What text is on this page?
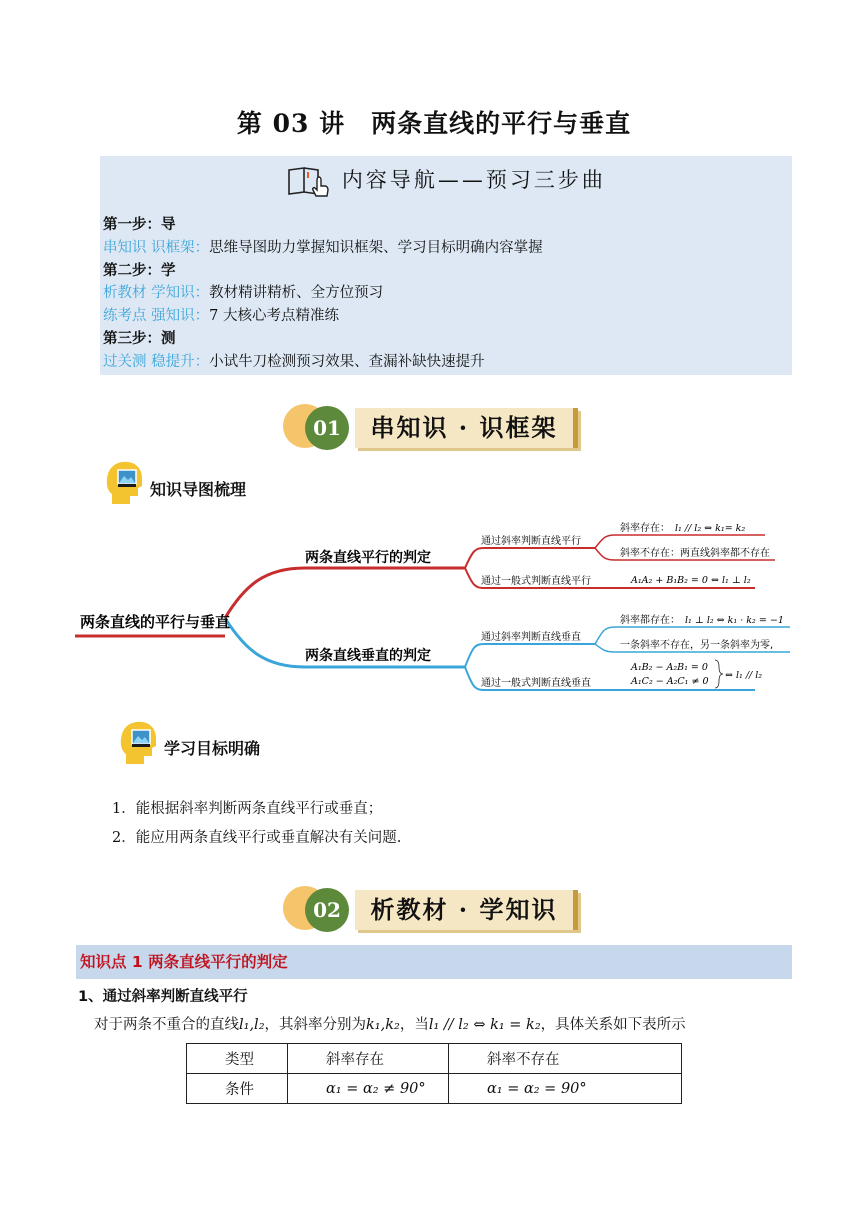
第 03 讲　两条直线的平行与垂直
内容导航——预习三步曲
第一步：导
串知识 识框架：思维导图助力掌握知识框架、学习目标明确内容掌握
第二步：学
析教材 学知识：教材精讲精析、全方位预习
练考点 强知识：7 大核心考点精准练
第三步：测
过关测 稳提升：小试牛刀检测预习效果、查漏补缺快速提升
01	串知识 · 识框架
知识导图梳理
两条直线的平行与垂直
两条直线平行的判定
两条直线垂直的判定
通过斜率判断直线平行
通过一般式判断直线平行
斜率存在： l₁ // l₂ ⇔ k₁= k₂
斜率不存在：两直线斜率都不存在
A₁A₂ + B₁B₂ = 0 ⇔ l₁ ⊥ l₂
通过斜率判断直线垂直
通过一般式判断直线垂直
斜率都存在： l₁ ⊥ l₂ ⇔ k₁ · k₂ = −1
一条斜率不存在，另一条斜率为零,
A₁B₂ − A₂B₁ = 0
A₁C₂ − A₂C₁ ≠ 0
⇔ l₁ // l₂
学习目标明确
1．能根据斜率判断两条直线平行或垂直；
2．能应用两条直线平行或垂直解决有关问题.
02	析教材 · 学知识
知识点 1 两条直线平行的判定
1、通过斜率判断直线平行
对于两条不重合的直线l₁,l₂，其斜率分别为k₁,k₂，当l₁ // l₂ ⇔ k₁ = k₂，具体关系如下表所示
类型	斜率存在	斜率不存在
条件	α₁ = α₂ ≠ 90°	α₁ = α₂ = 90°
